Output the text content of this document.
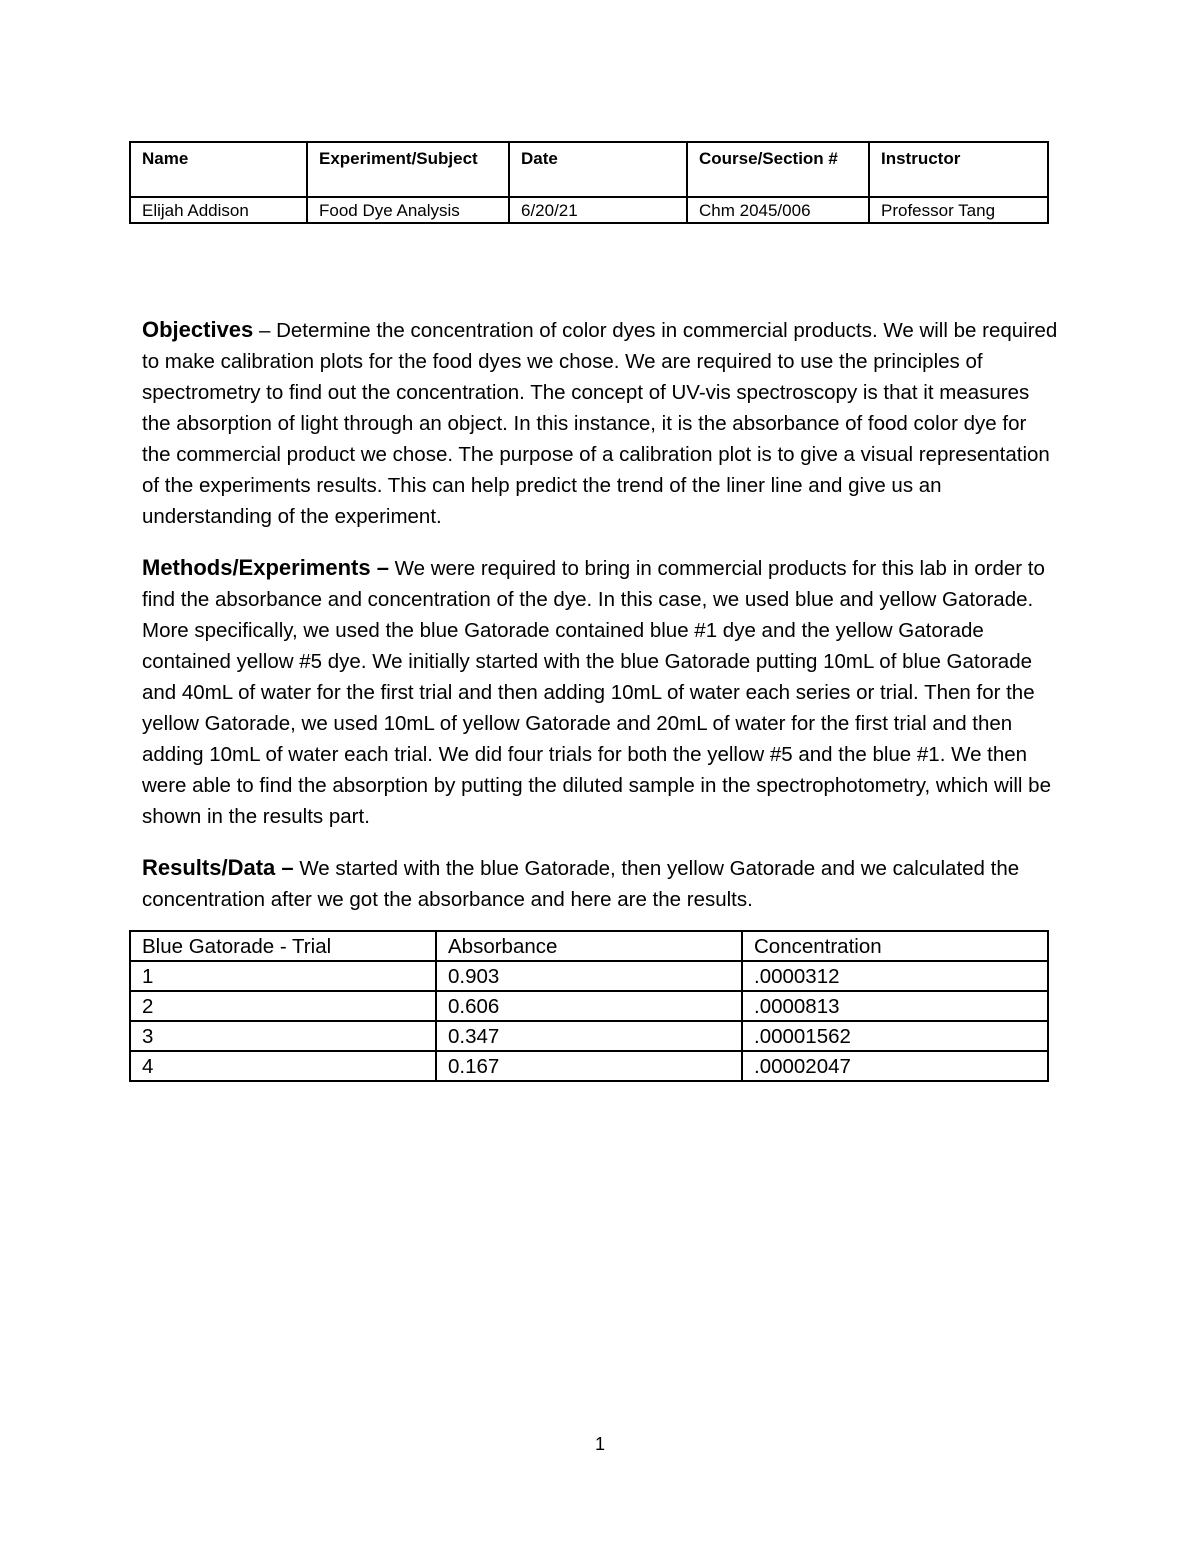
Name	Experiment/Subject	Date	Course/Section #	Instructor
Elijah Addison	Food Dye Analysis	6/20/21	Chm 2045/006	Professor Tang

Objectives – Determine the concentration of color dyes in commercial products. We will be required to make calibration plots for the food dyes we chose. We are required to use the principles of spectrometry to find out the concentration. The concept of UV-vis spectroscopy is that it measures the absorption of light through an object. In this instance, it is the absorbance of food color dye for the commercial product we chose. The purpose of a calibration plot is to give a visual representation of the experiments results. This can help predict the trend of the liner line and give us an understanding of the experiment.

Methods/Experiments – We were required to bring in commercial products for this lab in order to find the absorbance and concentration of the dye. In this case, we used blue and yellow Gatorade. More specifically, we used the blue Gatorade contained blue #1 dye and the yellow Gatorade contained yellow #5 dye. We initially started with the blue Gatorade putting 10mL of blue Gatorade and 40mL of water for the first trial and then adding 10mL of water each series or trial. Then for the yellow Gatorade, we used 10mL of yellow Gatorade and 20mL of water for the first trial and then adding 10mL of water each trial. We did four trials for both the yellow #5 and the blue #1. We then were able to find the absorption by putting the diluted sample in the spectrophotometry, which will be shown in the results part.

Results/Data – We started with the blue Gatorade, then yellow Gatorade and we calculated the concentration after we got the absorbance and here are the results.

Blue Gatorade - Trial	Absorbance	Concentration
1	0.903	.0000312
2	0.606	.0000813
3	0.347	.00001562
4	0.167	.00002047
1
